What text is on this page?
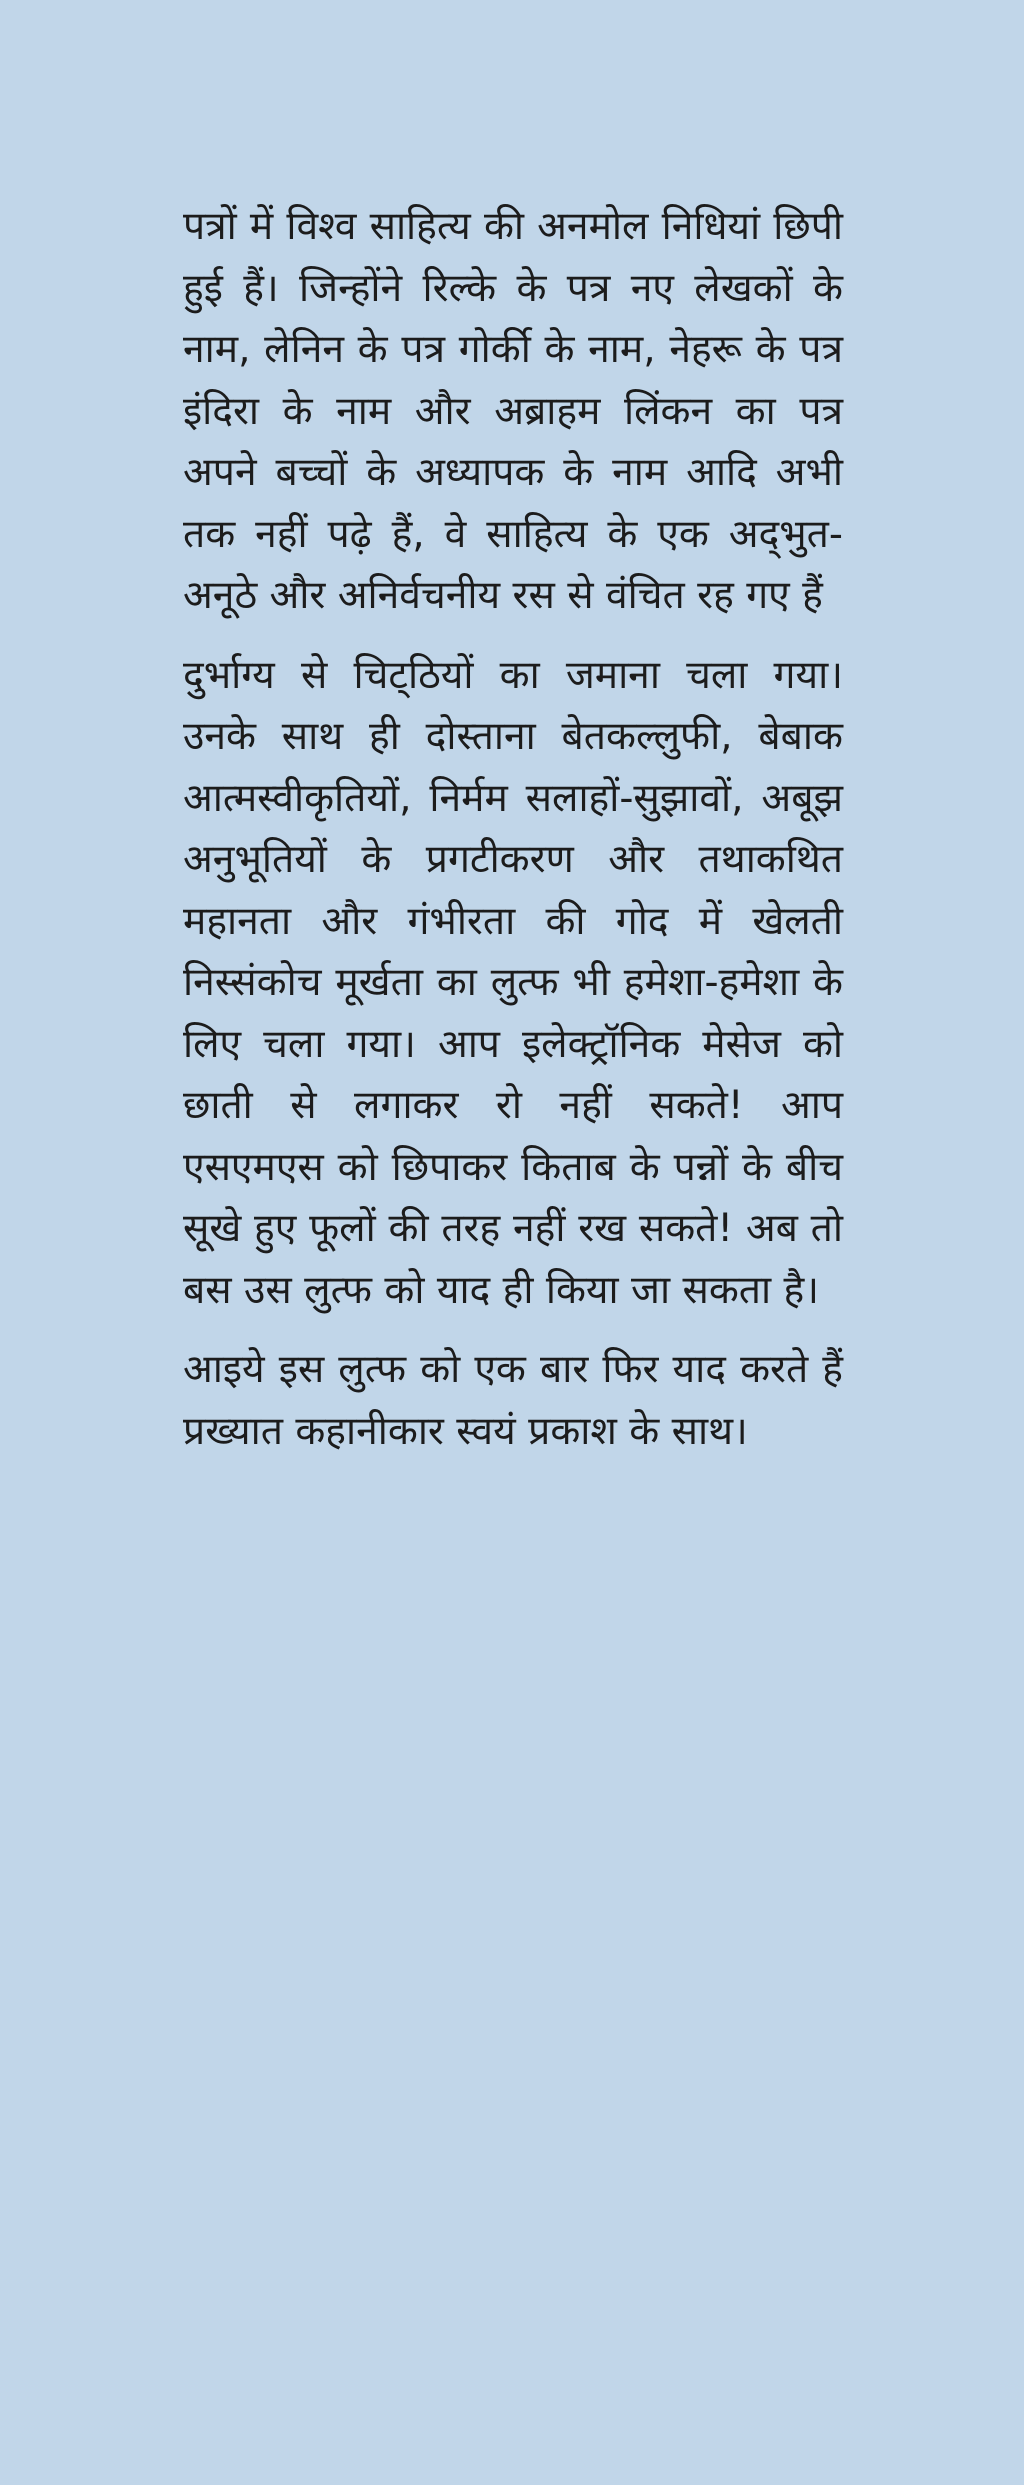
पत्रों में विश्व साहित्य की अनमोल निधियां छिपी हुई हैं। जिन्होंने रिल्के के पत्र नए लेखकों के नाम, लेनिन के पत्र गोर्की के नाम, नेहरू के पत्र इंदिरा के नाम और अब्राहम लिंकन का पत्र अपने बच्चों के अध्यापक के नाम आदि अभी तक नहीं पढ़े हैं, वे साहित्य के एक अद्‌भुत-अनूठे और अनिर्वचनीय रस से वंचित रह गए हैं

दुर्भाग्य से चिट्‌ठियों का जमाना चला गया। उनके साथ ही दोस्ताना बेतकल्लुफी, बेबाक आत्मस्वीकृतियों, निर्मम सलाहों-सुझावों, अबूझ अनुभूतियों के प्रगटीकरण और तथाकथित महानता और गंभीरता की गोद में खेलती निस्संकोच मूर्खता का लुत्फ भी हमेशा-हमेशा के लिए चला गया। आप इलेक्ट्रॉनिक मेसेज को छाती से लगाकर रो नहीं सकते! आप एसएमएस को छिपाकर किताब के पन्नों के बीच सूखे हुए फूलों की तरह नहीं रख सकते! अब तो बस उस लुत्फ को याद ही किया जा सकता है।

आइये इस लुत्फ को एक बार फिर याद करते हैं प्रख्यात कहानीकार स्वयं प्रकाश के साथ।
